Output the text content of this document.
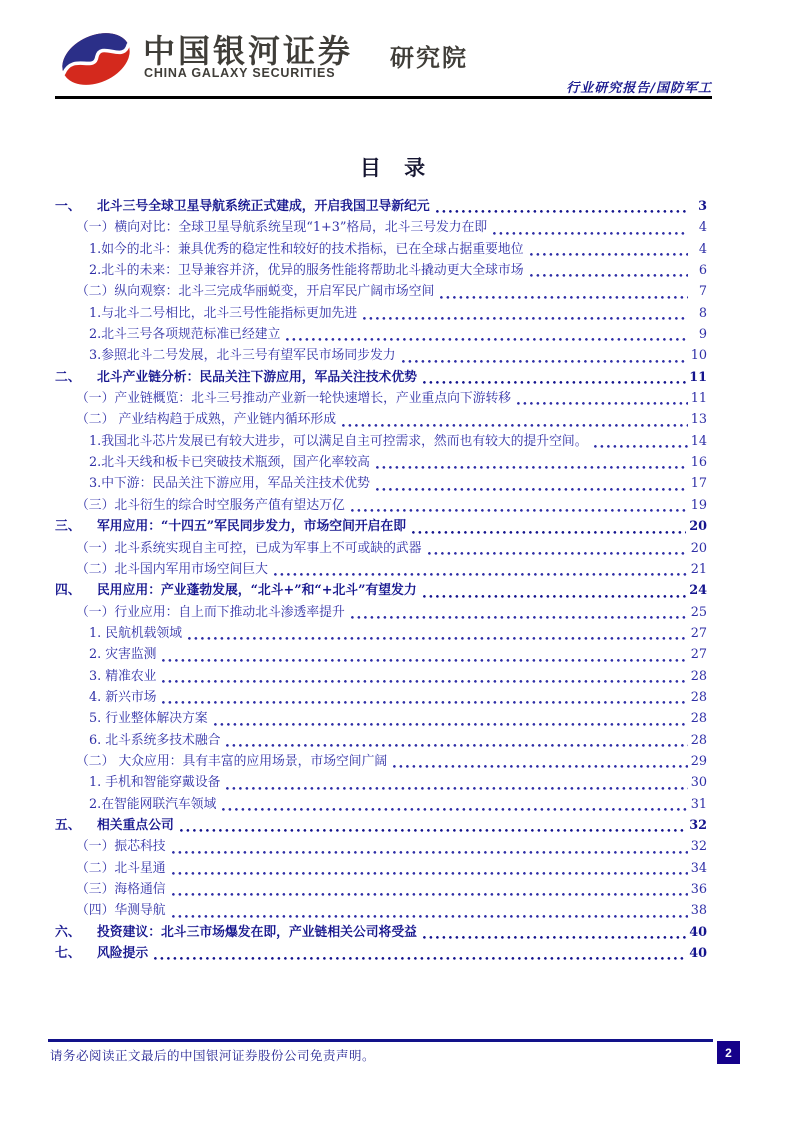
中国银河证券
CHINA GALAXY SECURITIES
研究院
行业研究报告/国防军工
目 录
一、	北斗三号全球卫星导航系统正式建成，开启我国卫导新纪元	3
（一）横向对比：全球卫星导航系统呈现“1+3”格局，北斗三号发力在即	4
1.如今的北斗：兼具优秀的稳定性和较好的技术指标，已在全球占据重要地位	4
2.北斗的未来：卫导兼容并济，优异的服务性能将帮助北斗撬动更大全球市场	6
（二）纵向观察：北斗三完成华丽蜕变，开启军民广阔市场空间	7
1.与北斗二号相比，北斗三号性能指标更加先进	8
2.北斗三号各项规范标准已经建立	9
3.参照北斗二号发展，北斗三号有望军民市场同步发力	10
二、	北斗产业链分析：民品关注下游应用，军品关注技术优势	11
（一）产业链概览：北斗三号推动产业新一轮快速增长，产业重点向下游转移	11
（二） 产业结构趋于成熟，产业链内循环形成	13
1.我国北斗芯片发展已有较大进步，可以满足自主可控需求，然而也有较大的提升空间。	14
2.北斗天线和板卡已突破技术瓶颈，国产化率较高	16
3.中下游：民品关注下游应用，军品关注技术优势	17
（三）北斗衍生的综合时空服务产值有望达万亿	19
三、	军用应用：“十四五”军民同步发力，市场空间开启在即	20
（一）北斗系统实现自主可控，已成为军事上不可或缺的武器	20
（二）北斗国内军用市场空间巨大	21
四、	民用应用：产业蓬勃发展，“北斗+”和“+北斗”有望发力	24
（一）行业应用：自上而下推动北斗渗透率提升	25
1. 民航机载领域	27
2. 灾害监测	27
3. 精准农业	28
4. 新兴市场	28
5. 行业整体解决方案	28
6. 北斗系统多技术融合	28
（二） 大众应用：具有丰富的应用场景，市场空间广阔	29
1. 手机和智能穿戴设备	30
2.在智能网联汽车领域	31
五、	相关重点公司	32
（一）振芯科技	32
（二）北斗星通	34
（三）海格通信	36
（四）华测导航	38
六、	投资建议：北斗三市场爆发在即，产业链相关公司将受益	40
七、	风险提示	40
请务必阅读正文最后的中国银河证券股份公司免责声明。	2
